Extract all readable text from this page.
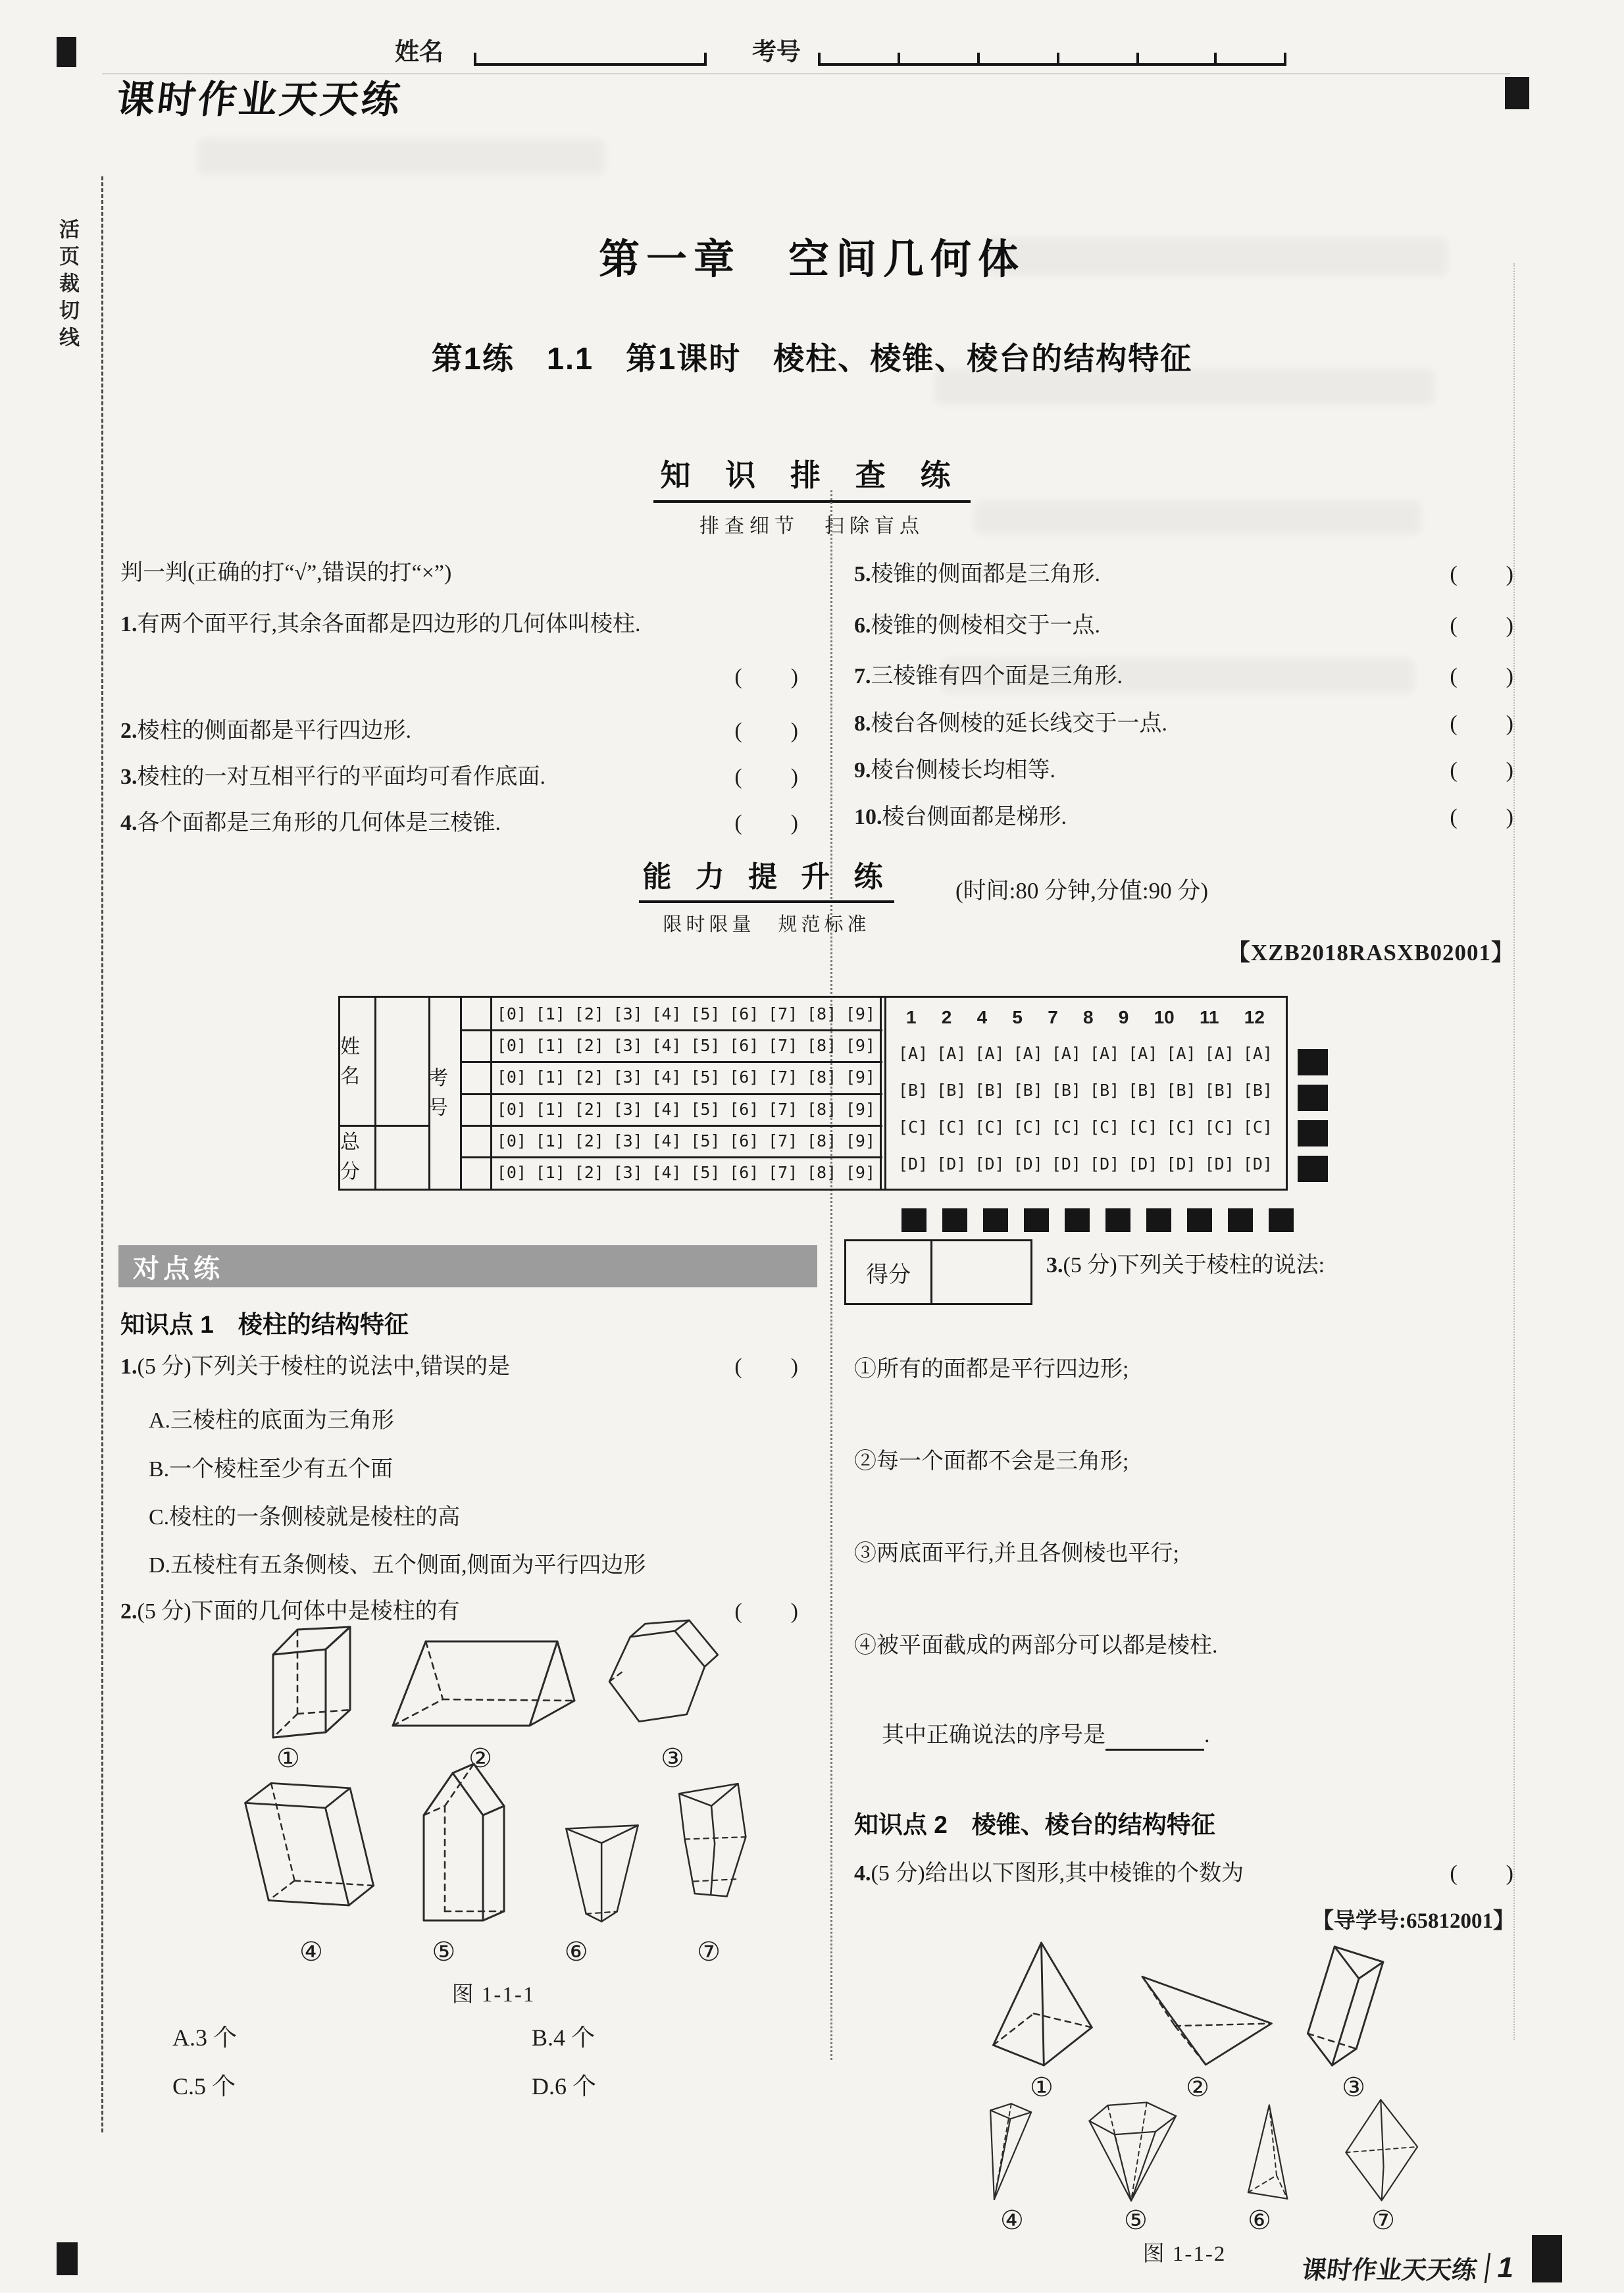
活页裁切线
姓名	考号
课时作业天天练
第一章　空间几何体
第1练　1.1　第1课时　棱柱、棱锥、棱台的结构特征
知 识 排 查 练
排查细节　扫除盲点
判一判(正确的打“√”,错误的打“×”)
1.有两个面平行,其余各面都是四边形的几何体叫棱柱.
(　　)
2.棱柱的侧面都是平行四边形.	(　　)
3.棱柱的一对互相平行的平面均可看作底面.	(　　)
4.各个面都是三角形的几何体是三棱锥.	(　　)
5.棱锥的侧面都是三角形.	(　　)
6.棱锥的侧棱相交于一点.	(　　)
7.三棱锥有四个面是三角形.	(　　)
8.棱台各侧棱的延长线交于一点.	(　　)
9.棱台侧棱长均相等.	(　　)
10.棱台侧面都是梯形.	(　　)
能 力 提 升 练
限时限量　规范标准
(时间:80 分钟,分值:90 分)
【XZB2018RASXB02001】
姓名
总分
考号
[0] [1] [2] [3] [4] [5] [6] [7] [8] [9]
[0] [1] [2] [3] [4] [5] [6] [7] [8] [9]
[0] [1] [2] [3] [4] [5] [6] [7] [8] [9]
[0] [1] [2] [3] [4] [5] [6] [7] [8] [9]
[0] [1] [2] [3] [4] [5] [6] [7] [8] [9]
[0] [1] [2] [3] [4] [5] [6] [7] [8] [9]
1 2 4 5 7 8 9 10 11 12
[A] [A] [A] [A] [A] [A] [A] [A] [A] [A]
[B] [B] [B] [B] [B] [B] [B] [B] [B] [B]
[C] [C] [C] [C] [C] [C] [C] [C] [C] [C]
[D] [D] [D] [D] [D] [D] [D] [D] [D] [D]
对点练
知识点 1　 棱柱的结构特征
1.(5 分)下列关于棱柱的说法中,错误的是	(　　)
A.三棱柱的底面为三角形
B.一个棱柱至少有五个面
C.棱柱的一条侧棱就是棱柱的高
D.五棱柱有五条侧棱、五个侧面,侧面为平行四边形
2.(5 分)下面的几何体中是棱柱的有	(　　)
①	②	③
④	⑤	⑥	⑦
图 1-1-1
A.3 个	B.4 个
C.5 个	D.6 个
得分	3.(5 分)下列关于棱柱的说法:
①所有的面都是平行四边形;
②每一个面都不会是三角形;
③两底面平行,并且各侧棱也平行;
④被平面截成的两部分可以都是棱柱.
其中正确说法的序号是	.
知识点 2　 棱锥、棱台的结构特征
4.(5 分)给出以下图形,其中棱锥的个数为	(　　)
【导学号:65812001】
①	②	③
④	⑤	⑥	⑦
图 1-1-2
课时作业天天练 1
